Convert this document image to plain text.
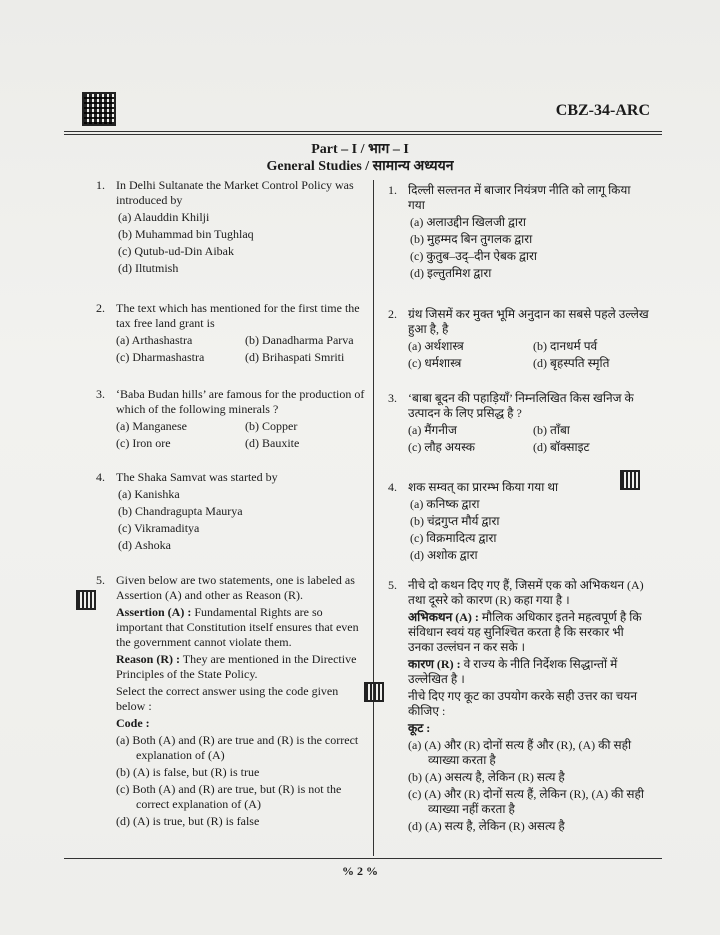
CBZ-34-ARC
Part – I / भाग – I
General Studies / सामान्य अध्ययन
1. In Delhi Sultanate the Market Control Policy was introduced by
(a) Alauddin Khilji
(b) Muhammad bin Tughlaq
(c) Qutub-ud-Din Aibak
(d) Iltutmish
2. The text which has mentioned for the first time the tax free land grant is
(a) Arthashastra	(b) Danadharma Parva
(c) Dharmashastra	(d) Brihaspati Smriti
3. ‘Baba Budan hills’ are famous for the production of which of the following minerals ?
(a) Manganese	(b) Copper
(c) Iron ore	(d) Bauxite
4. The Shaka Samvat was started by
(a) Kanishka
(b) Chandragupta Maurya
(c) Vikramaditya
(d) Ashoka
5. Given below are two statements, one is labeled as Assertion (A) and other as Reason (R).
Assertion (A) : Fundamental Rights are so important that Constitution itself ensures that even the government cannot violate them.
Reason (R) : They are mentioned in the Directive Principles of the State Policy.
Select the correct answer using the code given below :
Code :
(a) Both (A) and (R) are true and (R) is the correct explanation of (A)
(b) (A) is false, but (R) is true
(c) Both (A) and (R) are true, but (R) is not the correct explanation of (A)
(d) (A) is true, but (R) is false
1. दिल्ली सल्तनत में बाजार नियंत्रण नीति को लागू किया गया
(a) अलाउद्दीन खिलजी द्वारा
(b) मुहम्मद बिन तुगलक द्वारा
(c) कुतुब–उद्–दीन ऐबक द्वारा
(d) इल्तुतमिश द्वारा
2. ग्रंथ जिसमें कर मुक्त भूमि अनुदान का सबसे पहले उल्लेख हुआ है, है
(a) अर्थशास्त्र	(b) दानधर्म पर्व
(c) धर्मशास्त्र	(d) बृहस्पति स्मृति
3. ‘बाबा बूदन की पहाड़ियाँ’ निम्नलिखित किस खनिज के उत्पादन के लिए प्रसिद्ध है ?
(a) मैंगनीज	(b) ताँबा
(c) लौह अयस्क	(d) बॉक्साइट
4. शक सम्वत् का प्रारम्भ किया गया था
(a) कनिष्क द्वारा
(b) चंद्रगुप्त मौर्य द्वारा
(c) विक्रमादित्य द्वारा
(d) अशोक द्वारा
5. नीचे दो कथन दिए गए हैं, जिसमें एक को अभिकथन (A) तथा दूसरे को कारण (R) कहा गया है ।
अभिकथन (A) : मौलिक अधिकार इतने महत्वपूर्ण है कि संविधान स्वयं यह सुनिश्चित करता है कि सरकार भी उनका उल्लंघन न कर सके ।
कारण (R) : वे राज्य के नीति निर्देशक सिद्धान्तों में उल्लेखित है ।
नीचे दिए गए कूट का उपयोग करके सही उत्तर का चयन कीजिए :
कूट :
(a) (A) और (R) दोनों सत्य हैं और (R), (A) की सही व्याख्या करता है
(b) (A) असत्य है, लेकिन (R) सत्य है
(c) (A) और (R) दोनों सत्य हैं, लेकिन (R), (A) की सही व्याख्या नहीं करता है
(d) (A) सत्य है, लेकिन (R) असत्य है
% 2 %
